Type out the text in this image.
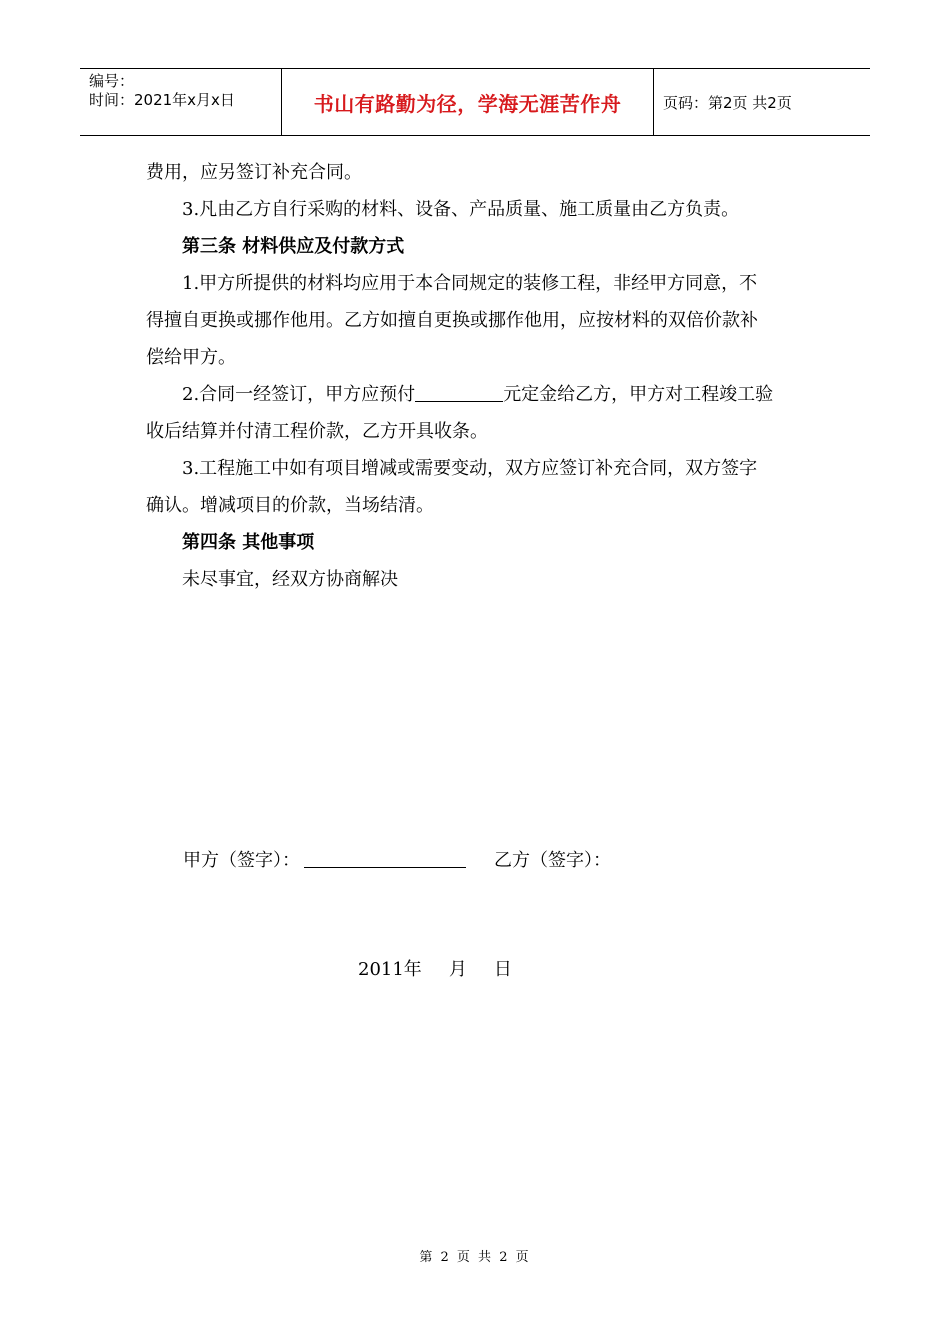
编号：
时间：2021年x月x日	书山有路勤为径，学海无涯苦作舟	页码：第2页 共2页
费用，应另签订补充合同。
3.凡由乙方自行采购的材料、设备、产品质量、施工质量由乙方负责。
第三条 材料供应及付款方式
1.甲方所提供的材料均应用于本合同规定的装修工程，非经甲方同意，不
得擅自更换或挪作他用。乙方如擅自更换或挪作他用，应按材料的双倍价款补
偿给甲方。
2.合同一经签订，甲方应预付	元定金给乙方，甲方对工程竣工验
收后结算并付清工程价款，乙方开具收条。
3.工程施工中如有项目增减或需要变动，双方应签订补充合同，双方签字
确认。增减项目的价款，当场结清。
第四条 其他事项
未尽事宜，经双方协商解决
甲方（签字）：	乙方（签字）：
2011年 月 日
第 2 页 共 2 页
